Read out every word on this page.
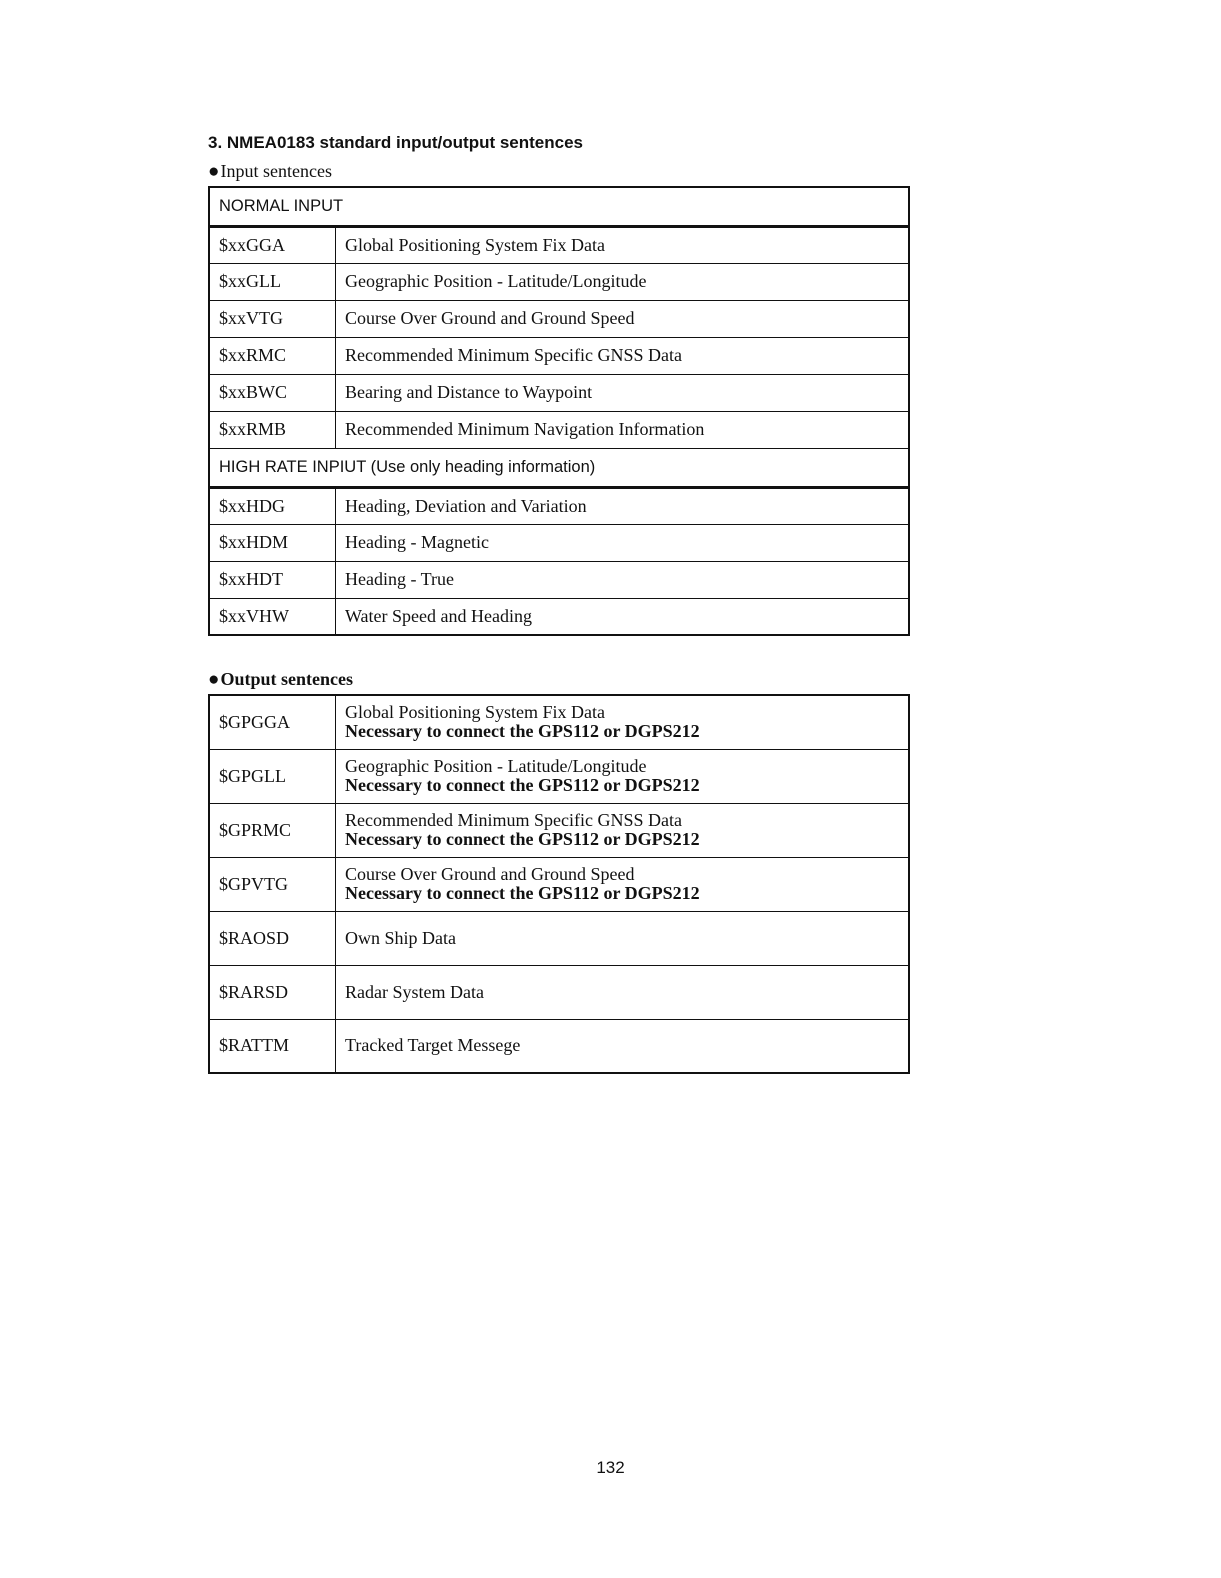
3. NMEA0183 standard input/output sentences
●Input sentences
NORMAL INPUT	
$xxGGA	Global Positioning System Fix Data
$xxGLL	Geographic Position - Latitude/Longitude
$xxVTG	Course Over Ground and Ground Speed
$xxRMC	Recommended Minimum Specific GNSS Data
$xxBWC	Bearing and Distance to Waypoint
$xxRMB	Recommended Minimum Navigation Information
HIGH RATE INPIUT (Use only heading information)	
$xxHDG	Heading, Deviation and Variation
$xxHDM	Heading - Magnetic
$xxHDT	Heading - True
$xxVHW	Water Speed and Heading
●Output sentences
$GPGGA	Global Positioning System Fix Data
Necessary to connect the GPS112 or DGPS212

$GPGLL	Geographic Position - Latitude/Longitude
Necessary to connect the GPS112 or DGPS212

$GPRMC	Recommended Minimum Specific GNSS Data
Necessary to connect the GPS112 or DGPS212

$GPVTG	Course Over Ground and Ground Speed
Necessary to connect the GPS112 or DGPS212

$RAOSD	Own Ship Data
$RARSD	Radar System Data
$RATTM	Tracked Target Messege
132
